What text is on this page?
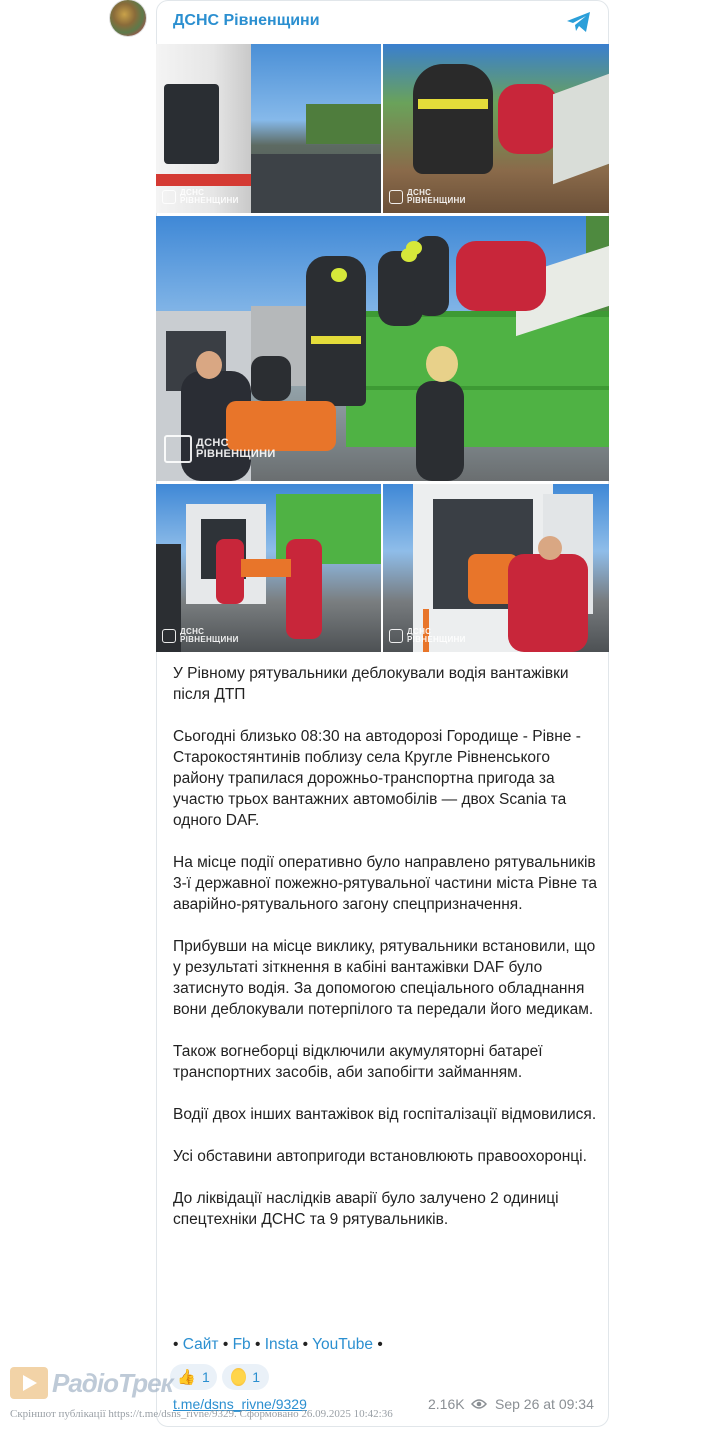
ДСНС Рівненщини
ДСНС
РІВНЕНЩИНИ
ДСНС
РІВНЕНЩИНИ
ДСНС
РІВНЕНЩИНИ
ДСНС
РІВНЕНЩИНИ
ДСНС
РІВНЕНЩИНИ

У Рівному рятувальники деблокували водія вантажівки після ДТП

Сьогодні близько 08:30 на автодорозі Городище - Рівне - Старокостянтинів поблизу села Круглe Рівненського району трапилася дорожньо-транспортна пригода за участю трьох вантажних автомобілів — двох Scania та одного DAF.

На місце події оперативно було направлено рятувальників 3-ї державної пожежно-рятувальної частини міста Рівне та аварійно-рятувального загону спецпризначення.

Прибувши на місце виклику, рятувальники встановили, що у результаті зіткнення в кабіні вантажівки DAF було затиснуто водія. За допомогою спеціального обладнання вони деблокували потерпілого та передали його медикам.

Також вогнеборці відключили акумуляторні батареї транспортних засобів, аби запобігти займанням.

Водії двох інших вантажівок від госпіталізації відмовилися.

Усі обставини автопригоди встановлюють правоохоронці.

До ліквідації наслідків аварії було залучено 2 одиниці спецтехніки ДСНС та 9 рятувальників.

• Сайт • Fb • Insta • YouTube •
👍 1	1
РадіоТрек
t.me/dsns_rivne/9329	2.16K Sep 26 at 09:34
Скріншот публікації https://t.me/dsns_rivne/9329. Сформовано 26.09.2025 10:42:36
